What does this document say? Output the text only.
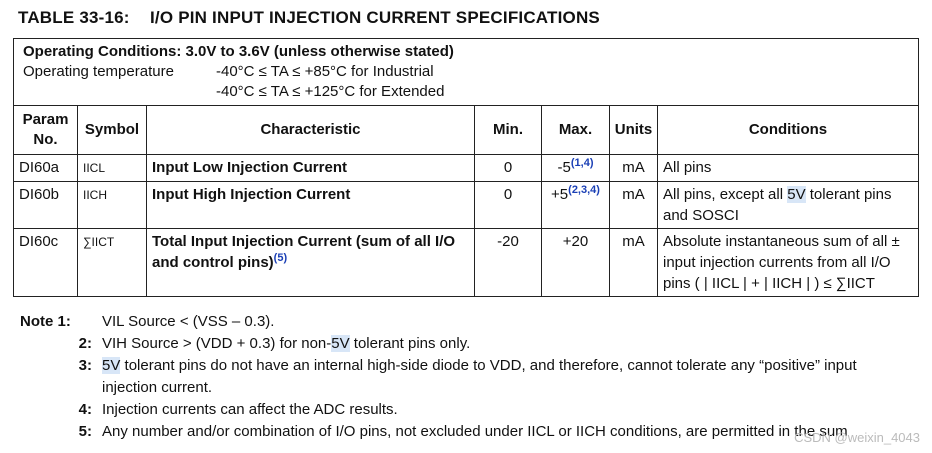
TABLE 33-16: I/O PIN INPUT INJECTION CURRENT SPECIFICATIONS
Operating Conditions: 3.0V to 3.6V (unless otherwise stated)
Operating temperature -40°C ≤ TA ≤ +85°C for Industrial
-40°C ≤ TA ≤ +125°C for Extended						

Param No.	Symbol	Characteristic	Min.	Max.	Units	Conditions
DI60a	IICL	Input Low Injection Current	0	-5$^{(1,4)}$	mA	All pins
DI60b	IICH	Input High Injection Current	0	$+5^{(2,3,4)}$	mA	All pins, except all 5V tolerant pins and SOSCI
DI60c	∑IICT	Total Input Injection Current (sum of all I/O and control pins)$^{(5)}$	-20	+20	mA	Absolute instantaneous sum of all ± input injection currents from all I/O pins ( | IICL | + | IICH | ) ≤ ∑IICT
Note 1:	VIL Source < (VSS – 0.3).
2: VIH Source > (VDD + 0.3) for non-5V tolerant pins only.
3: 5V tolerant pins do not have an internal high-side diode to VDD, and therefore, cannot tolerate any “positive” input injection current.
4: Injection currents can affect the ADC results.
5: Any number and/or combination of I/O pins, not excluded under IICL or IICH conditions, are permitted in the sum
CSDN @weixin_4043
